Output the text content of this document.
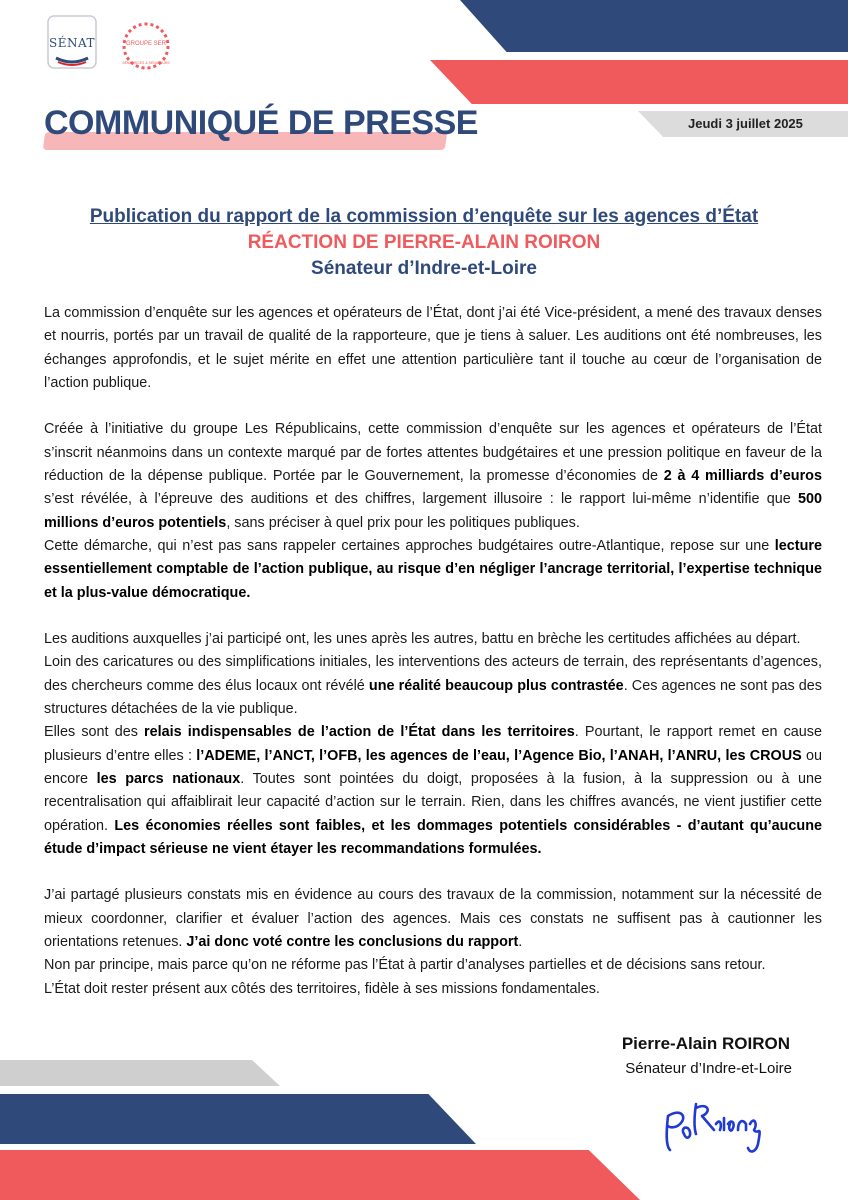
SÉNAT	GROUPE SER
SÉNATRICES & SÉNATEURS
COMMUNIQUÉ DE PRESSE	Jeudi 3 juillet 2025
Publication du rapport de la commission d’enquête sur les agences d’État
RÉACTION DE PIERRE-ALAIN ROIRON
Sénateur d’Indre-et-Loire

La commission d’enquête sur les agences et opérateurs de l’État, dont j’ai été Vice-président, a mené des travaux denses et nourris, portés par un travail de qualité de la rapporteure, que je tiens à saluer. Les auditions ont été nombreuses, les échanges approfondis, et le sujet mérite en effet une attention particulière tant il touche au cœur de l’organisation de l’action publique.

Créée à l’initiative du groupe Les Républicains, cette commission d’enquête sur les agences et opérateurs de l’État s’inscrit néanmoins dans un contexte marqué par de fortes attentes budgétaires et une pression politique en faveur de la réduction de la dépense publique. Portée par le Gouvernement, la promesse d’économies de 2 à 4 milliards d’euros s’est révélée, à l’épreuve des auditions et des chiffres, largement illusoire : le rapport lui-même n’identifie que 500 millions d’euros potentiels, sans préciser à quel prix pour les politiques publiques.

Cette démarche, qui n’est pas sans rappeler certaines approches budgétaires outre-Atlantique, repose sur une lecture essentiellement comptable de l’action publique, au risque d’en négliger l’ancrage territorial, l’expertise technique et la plus-value démocratique.

Les auditions auxquelles j’ai participé ont, les unes après les autres, battu en brèche les certitudes affichées au départ.

Loin des caricatures ou des simplifications initiales, les interventions des acteurs de terrain, des représentants d’agences, des chercheurs comme des élus locaux ont révélé une réalité beaucoup plus contrastée. Ces agences ne sont pas des structures détachées de la vie publique.

Elles sont des relais indispensables de l’action de l’État dans les territoires. Pourtant, le rapport remet en cause plusieurs d’entre elles : l’ADEME, l’ANCT, l’OFB, les agences de l’eau, l’Agence Bio, l’ANAH, l’ANRU, les CROUS ou encore les parcs nationaux. Toutes sont pointées du doigt, proposées à la fusion, à la suppression ou à une recentralisation qui affaiblirait leur capacité d’action sur le terrain. Rien, dans les chiffres avancés, ne vient justifier cette opération. Les économies réelles sont faibles, et les dommages potentiels considérables - d’autant qu’aucune étude d’impact sérieuse ne vient étayer les recommandations formulées.

J’ai partagé plusieurs constats mis en évidence au cours des travaux de la commission, notamment sur la nécessité de mieux coordonner, clarifier et évaluer l’action des agences. Mais ces constats ne suffisent pas à cautionner les orientations retenues. J’ai donc voté contre les conclusions du rapport.

Non par principe, mais parce qu’on ne réforme pas l’État à partir d’analyses partielles et de décisions sans retour.

L’État doit rester présent aux côtés des territoires, fidèle à ses missions fondamentales.

Pierre-Alain ROIRON
Sénateur d’Indre-et-Loire
